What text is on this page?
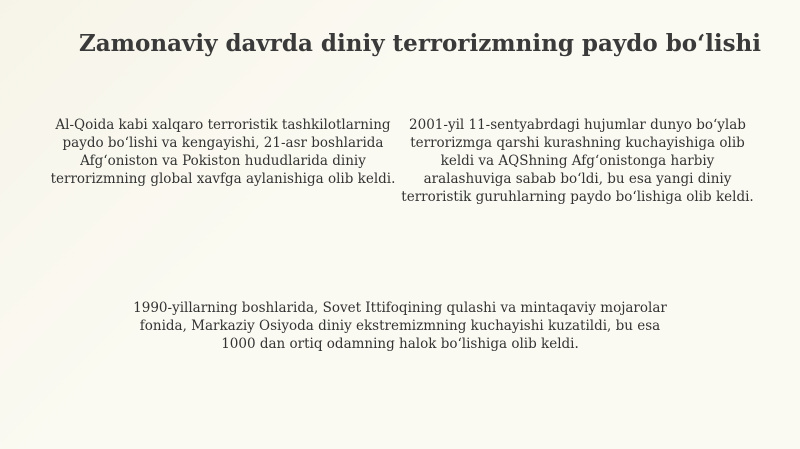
Zamonaviy davrda diniy terrorizmning paydo bo‘lishi

Al-Qoida kabi xalqaro terroristik tashkilotlarning paydo bo‘lishi va kengayishi, 21-asr boshlarida Afg‘oniston va Pokiston hududlarida diniy terrorizmning global xavfga aylanishiga olib keldi.

2001-yil 11-sentyabrdagi hujumlar dunyo bo‘ylab terrorizmga qarshi kurashning kuchayishiga olib keldi va AQShning Afg‘onistonga harbiy aralashuviga sabab bo‘ldi, bu esa yangi diniy terroristik guruhlarning paydo bo‘lishiga olib keldi.

1990-yillarning boshlarida, Sovet Ittifoqining qulashi va mintaqaviy mojarolar fonida, Markaziy Osiyoda diniy ekstremizmning kuchayishi kuzatildi, bu esa 1000 dan ortiq odamning halok bo‘lishiga olib keldi.
